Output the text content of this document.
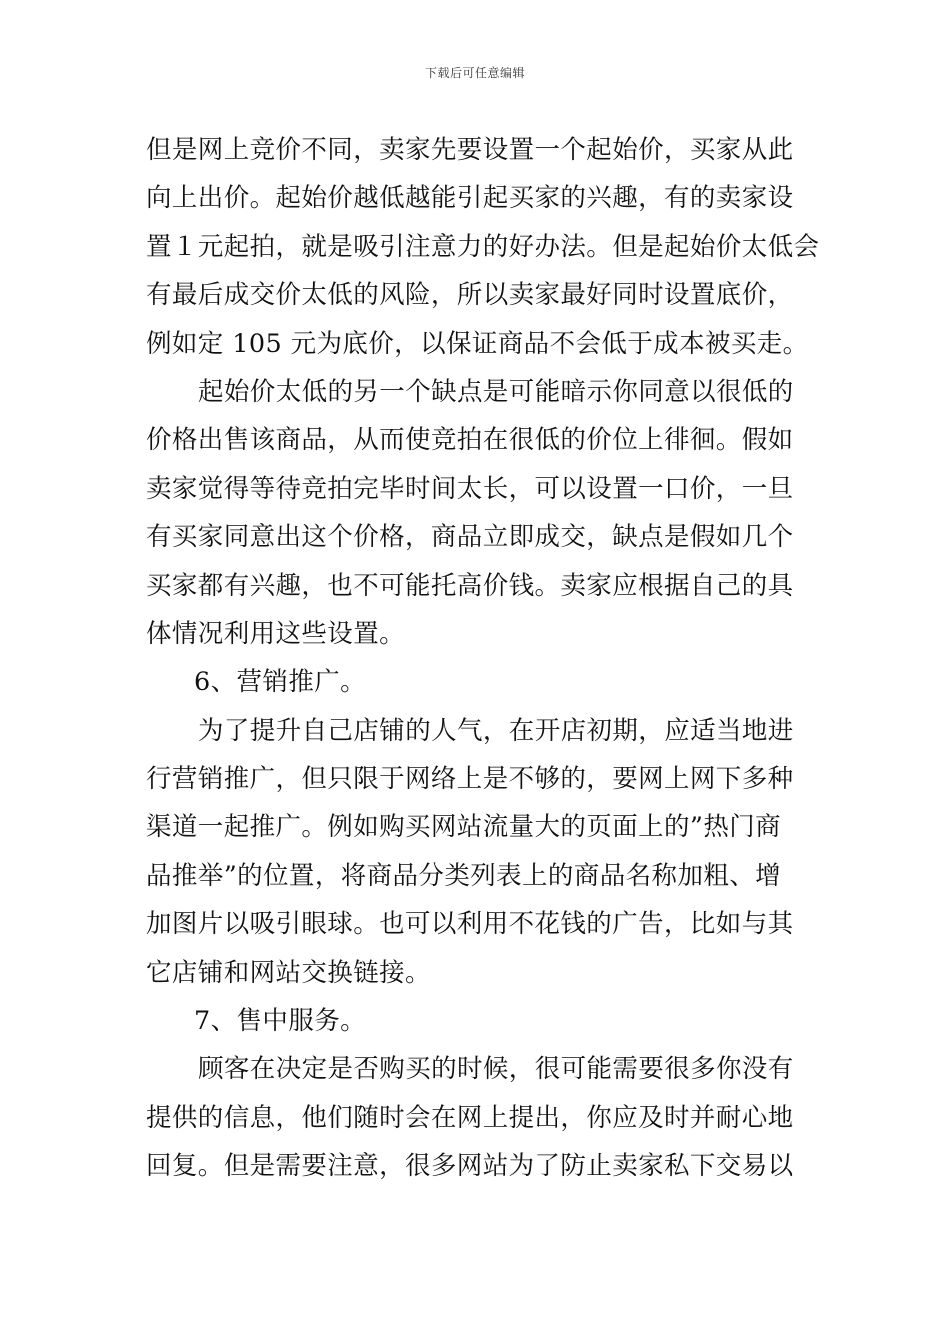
下载后可任意编辑
但是网上竞价不同，卖家先要设置一个起始价，买家从此
向上出价。起始价越低越能引起买家的兴趣，有的卖家设
置１元起拍，就是吸引注意力的好办法。但是起始价太低会
有最后成交价太低的风险，所以卖家最好同时设置底价，
例如定 105 元为底价，以保证商品不会低于成本被买走。
起始价太低的另一个缺点是可能暗示你同意以很低的
价格出售该商品，从而使竞拍在很低的价位上徘徊。假如
卖家觉得等待竞拍完毕时间太长，可以设置一口价，一旦
有买家同意出这个价格，商品立即成交，缺点是假如几个
买家都有兴趣，也不可能托高价钱。卖家应根据自己的具
体情况利用这些设置。
6、营销推广。
为了提升自己店铺的人气，在开店初期，应适当地进
行营销推广，但只限于网络上是不够的，要网上网下多种
渠道一起推广。例如购买网站流量大的页面上的”热门商
品推举”的位置，将商品分类列表上的商品名称加粗、增
加图片以吸引眼球。也可以利用不花钱的广告，比如与其
它店铺和网站交换链接。
7、售中服务。
顾客在决定是否购买的时候，很可能需要很多你没有
提供的信息，他们随时会在网上提出，你应及时并耐心地
回复。但是需要注意，很多网站为了防止卖家私下交易以
